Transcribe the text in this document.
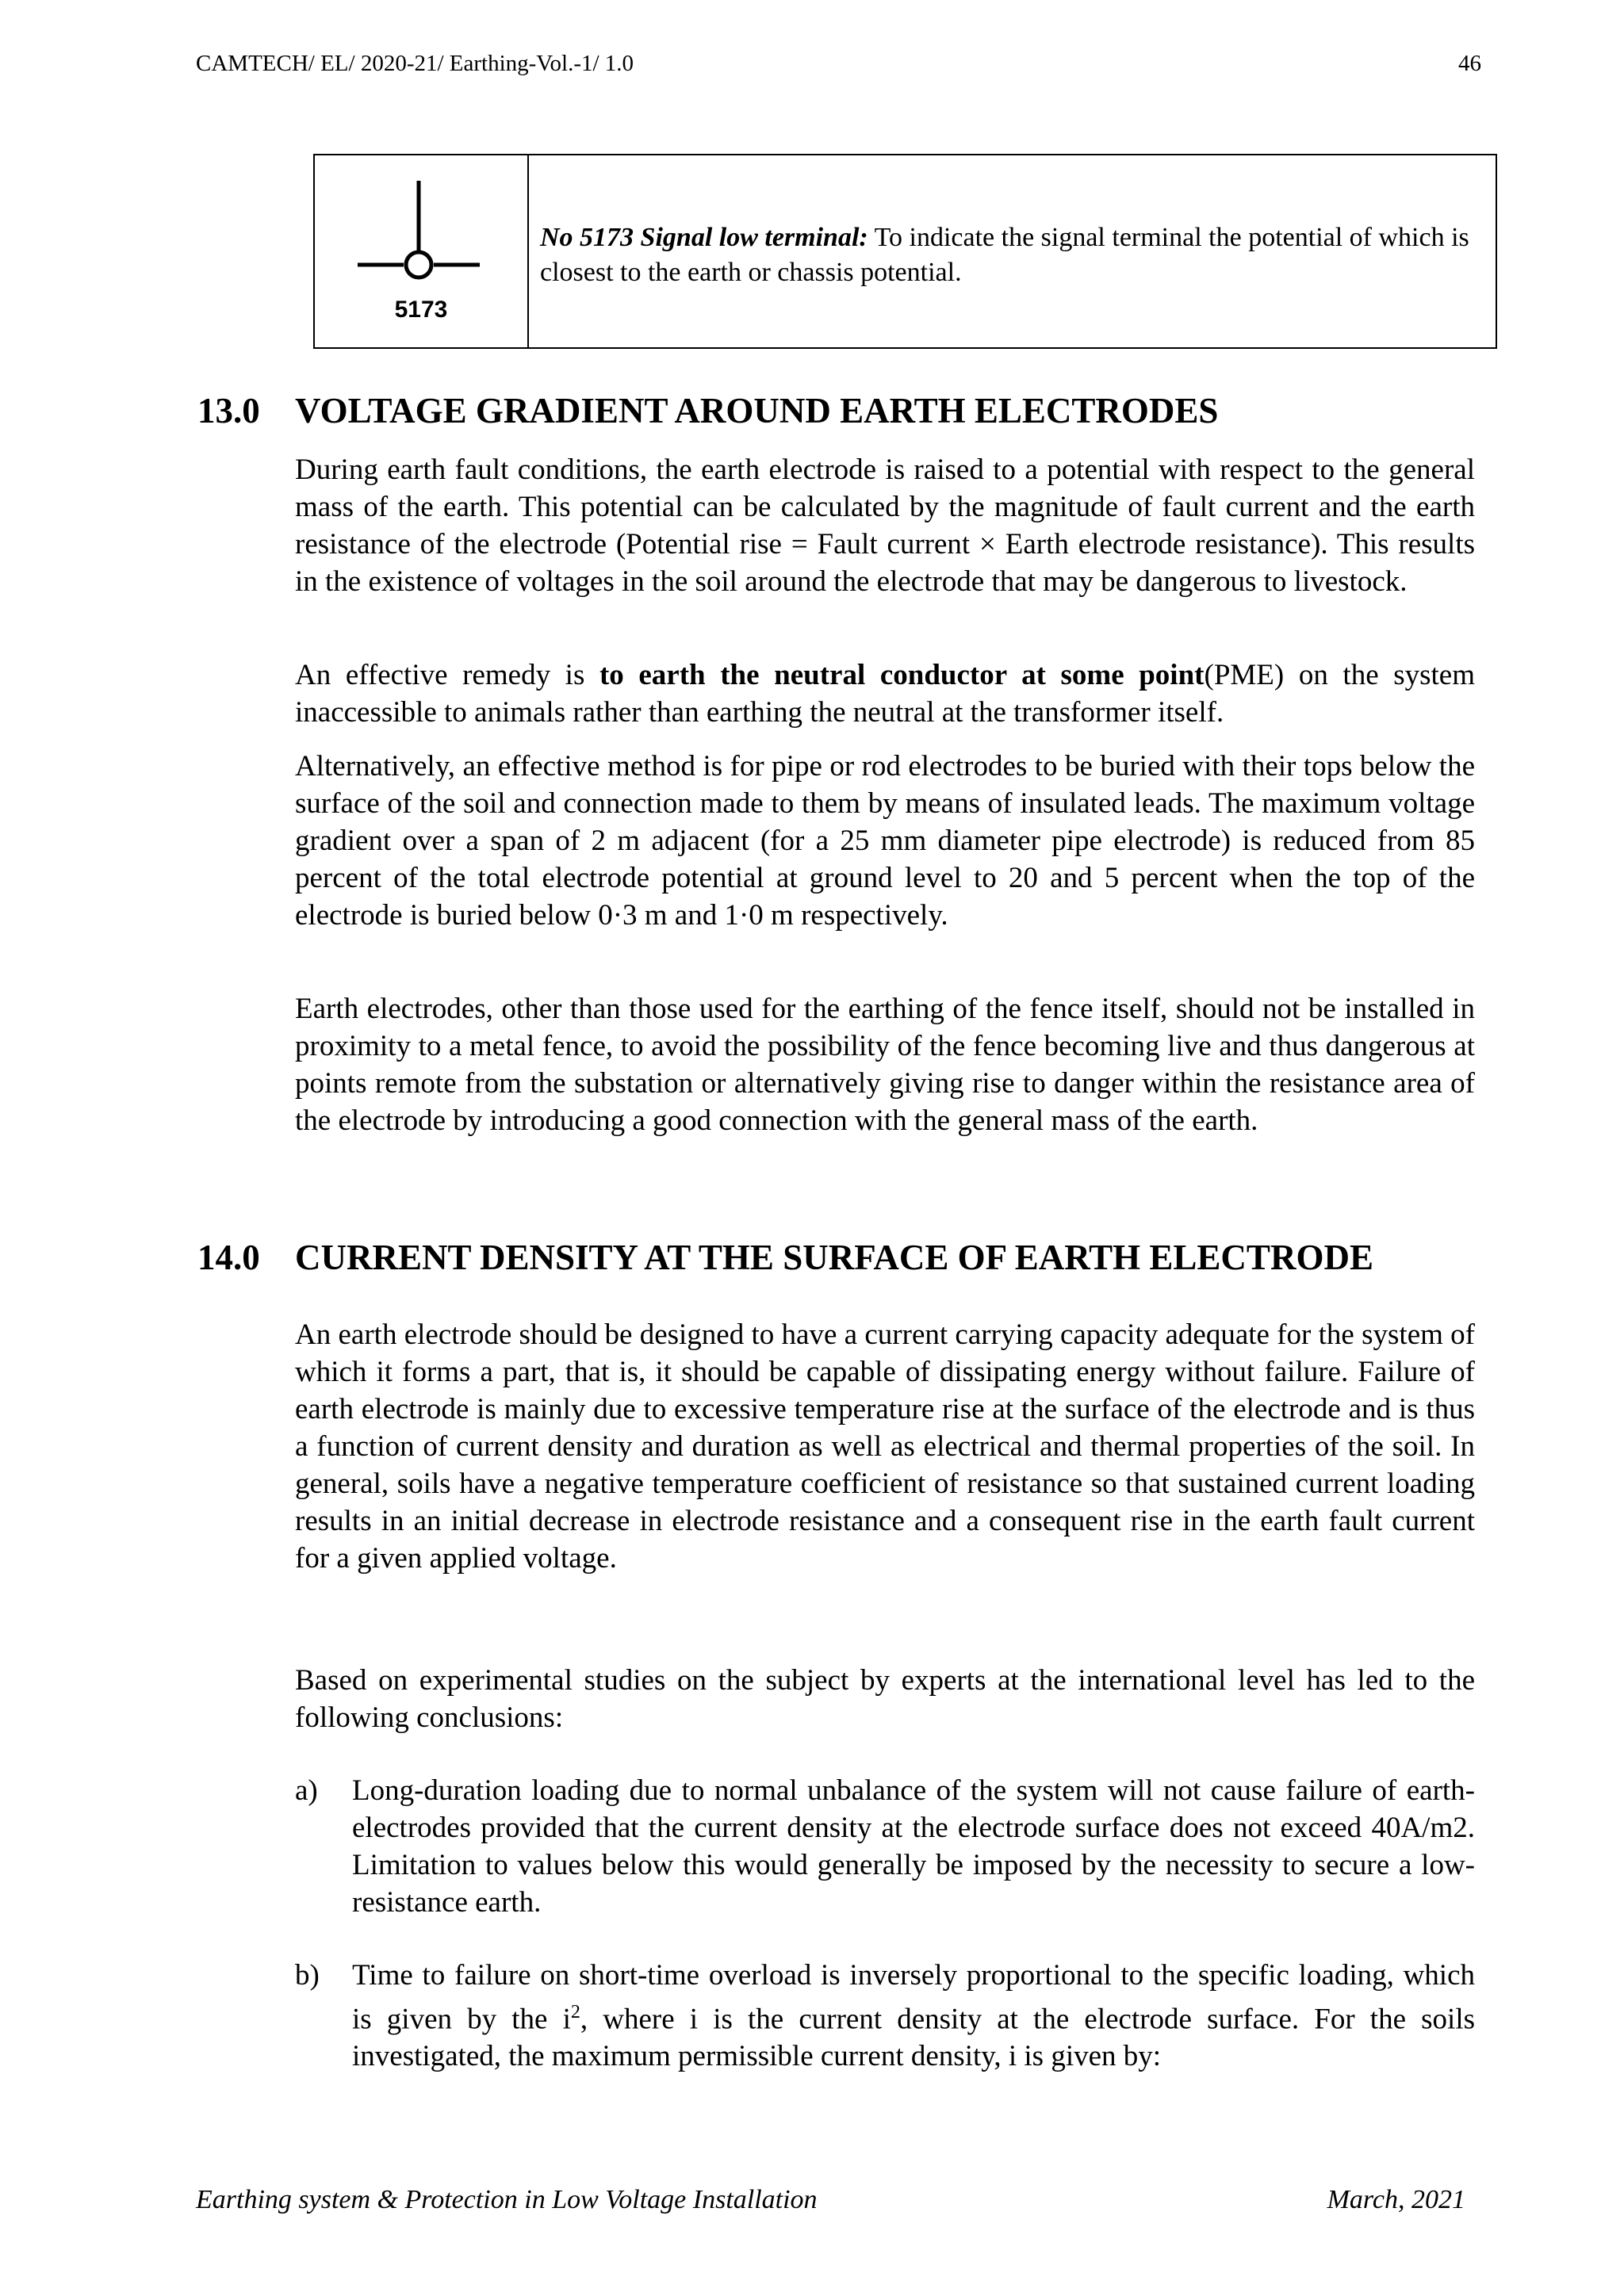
CAMTECH/ EL/ 2020-21/ Earthing-Vol.-1/ 1.0	46
5173
No 5173 Signal low terminal: To indicate the signal terminal the potential of which is closest to the earth or chassis potential.
13.0 VOLTAGE GRADIENT AROUND EARTH ELECTRODES

During earth fault conditions, the earth electrode is raised to a potential with respect to the general mass of the earth. This potential can be calculated by the magnitude of fault current and the earth resistance of the electrode (Potential rise = Fault current × Earth electrode resistance). This results in the existence of voltages in the soil around the electrode that may be dangerous to livestock.

An effective remedy is to earth the neutral conductor at some point(PME) on the system inaccessible to animals rather than earthing the neutral at the transformer itself.

Alternatively, an effective method is for pipe or rod electrodes to be buried with their tops below the surface of the soil and connection made to them by means of insulated leads. The maximum voltage gradient over a span of 2 m adjacent (for a 25 mm diameter pipe electrode) is reduced from 85 percent of the total electrode potential at ground level to 20 and 5 percent when the top of the electrode is buried below 0·3 m and 1·0 m respectively.

Earth electrodes, other than those used for the earthing of the fence itself, should not be installed in proximity to a metal fence, to avoid the possibility of the fence becoming live and thus dangerous at points remote from the substation or alternatively giving rise to danger within the resistance area of the electrode by introducing a good connection with the general mass of the earth.

14.0 CURRENT DENSITY AT THE SURFACE OF EARTH ELECTRODE

An earth electrode should be designed to have a current carrying capacity adequate for the system of which it forms a part, that is, it should be capable of dissipating energy without failure. Failure of earth electrode is mainly due to excessive temperature rise at the surface of the electrode and is thus a function of current density and duration as well as electrical and thermal properties of the soil. In general, soils have a negative temperature coefficient of resistance so that sustained current loading results in an initial decrease in electrode resistance and a consequent rise in the earth fault current for a given applied voltage.

Based on experimental studies on the subject by experts at the international level has led to the following conclusions:

a) Long-duration loading due to normal unbalance of the system will not cause failure of earth-electrodes provided that the current density at the electrode surface does not exceed 40A/m2. Limitation to values below this would generally be imposed by the necessity to secure a low-resistance earth.
b) Time to failure on short-time overload is inversely proportional to the specific loading, which is given by the $i^2$, where i is the current density at the electrode surface. For the soils investigated, the maximum permissible current density, i is given by:
Earthing system & Protection in Low Voltage Installation	March, 2021
